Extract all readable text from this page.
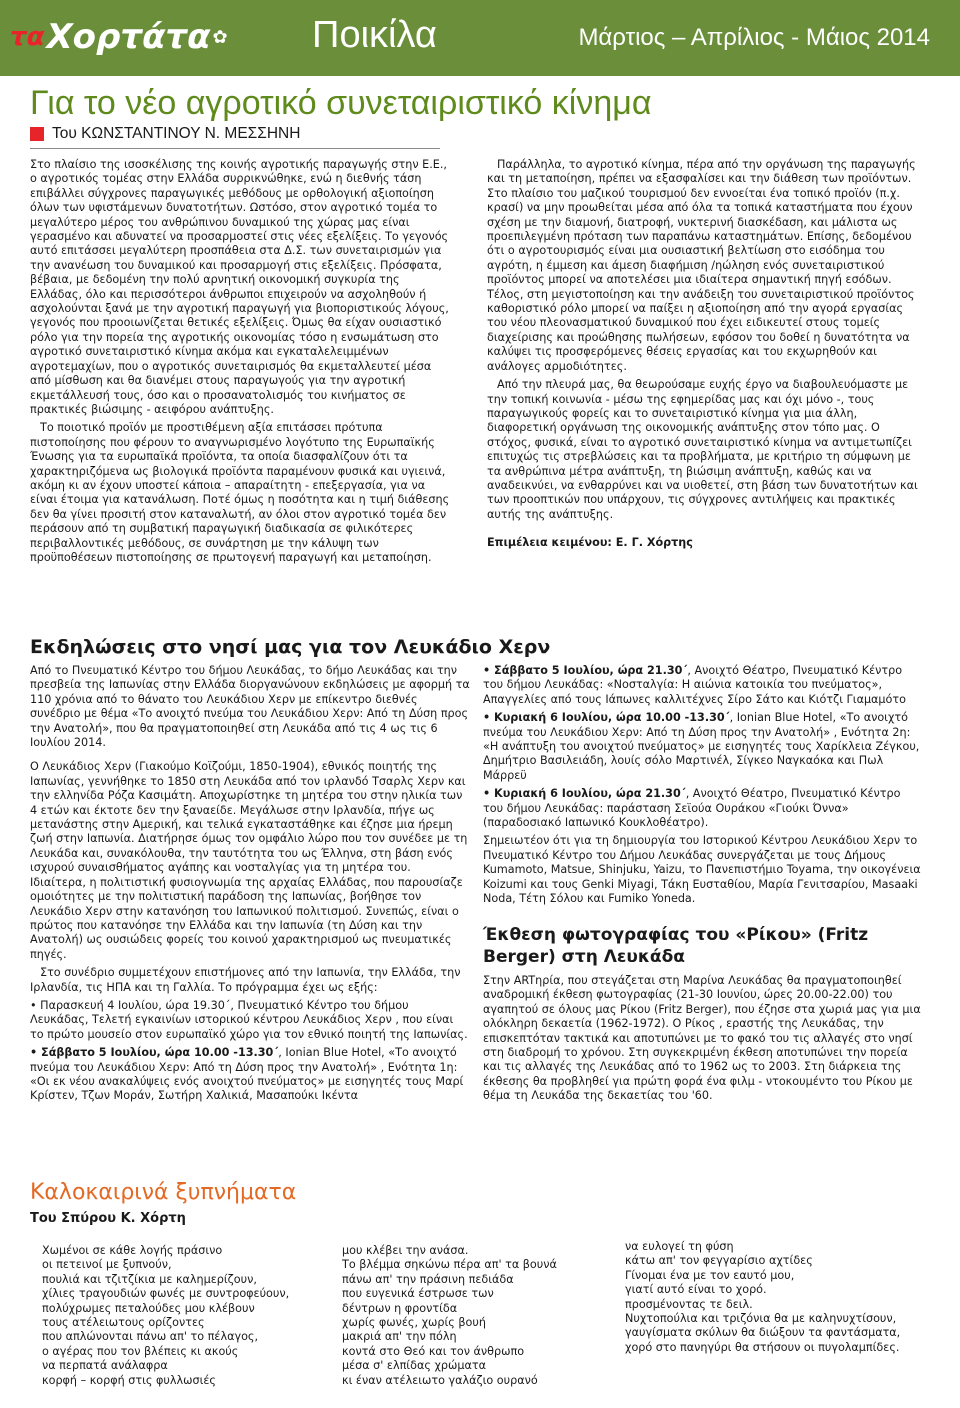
τα Χορτάτα ✿ Ποικίλα	Μάρτιος – Απρίλιος - Μάιος 2014
Για το νέο αγροτικό συνεταιριστικό κίνημα
Του ΚΩΝΣΤΑΝΤΙΝΟΥ Ν. ΜΕΣΣΗΝΗ

Στο πλαίσιο της ισοσκέλισης της κοινής αγροτικής παραγωγής στην Ε.Ε., ο αγροτικός τομέας στην Ελλάδα συρρικνώθηκε, ενώ η διεθνής τάση επιβάλλει σύγχρονες παραγωγικές μεθόδους με ορθολογική αξιοποίηση όλων των υφιστάμενων δυνατοτήτων. Ωστόσο, στον αγροτικό τομέα το μεγαλύτερο μέρος του ανθρώπινου δυναμικού της χώρας μας είναι γερασμένο και αδυνατεί να προσαρμοστεί στις νέες εξελίξεις. Το γεγονός αυτό επιτάσσει μεγαλύτερη προσπάθεια στα Δ.Σ. των συνεταιρισμών για την ανανέωση του δυναμικού και προσαρμογή στις εξελίξεις. Πρόσφατα, βέβαια, με δεδομένη την πολύ αρνητική οικονομική συγκυρία της Ελλάδας, όλο και περισσότεροι άνθρωποι επιχειρούν να ασχοληθούν ή ασχολούνται ξανά με την αγροτική παραγωγή για βιοποριστικούς λόγους, γεγονός που προοιωνίζεται θετικές εξελίξεις. Όμως θα είχαν ουσιαστικό ρόλο για την πορεία της αγροτικής οικονομίας τόσο η ενσωμάτωση στο αγροτικό συνεταιριστικό κίνημα ακόμα και εγκαταλελειμμένων αγροτεμαχίων, που ο αγροτικός συνεταιρισμός θα εκμεταλλευτεί μέσα από μίσθωση και θα διανέμει στους παραγωγούς για την αγροτική εκμετάλλευσή τους, όσο και ο προσανατολισμός του κινήματος σε πρακτικές βιώσιμης - αειφόρου ανάπτυξης.

Το ποιοτικό προϊόν με προστιθέμενη αξία επιτάσσει πρότυπα πιστοποίησης που φέρουν το αναγνωρισμένο λογότυπο της Ευρωπαϊκής Ένωσης για τα ευρωπαϊκά προϊόντα, τα οποία διασφαλίζουν ότι τα χαρακτηριζόμενα ως βιολογικά προϊόντα παραμένουν φυσικά και υγιεινά, ακόμη κι αν έχουν υποστεί κάποια – απαραίτητη - επεξεργασία, για να είναι έτοιμα για κατανάλωση. Ποτέ όμως η ποσότητα και η τιμή διάθεσης δεν θα γίνει προσιτή στον καταναλωτή, αν όλοι στον αγροτικό τομέα δεν περάσουν από τη συμβατική παραγωγική διαδικασία σε φιλικότερες περιβαλλοντικές μεθόδους, σε συνάρτηση με την κάλυψη των προϋποθέσεων πιστοποίησης σε πρωτογενή παραγωγή και μεταποίηση.

Παράλληλα, το αγροτικό κίνημα, πέρα από την οργάνωση της παραγωγής και τη μεταποίηση, πρέπει να εξασφαλίσει και την διάθεση των προϊόντων. Στο πλαίσιο του μαζικού τουρισμού δεν εννοείται ένα τοπικό προϊόν (π.χ. κρασί) να μην προωθείται μέσα από όλα τα τοπικά καταστήματα που έχουν σχέση με την διαμονή, διατροφή, νυκτερινή διασκέδαση, και μάλιστα ως προεπιλεγμένη πρόταση των παραπάνω καταστημάτων. Επίσης, δεδομένου ότι ο αγροτουρισμός είναι μια ουσιαστική βελτίωση στο εισόδημα του αγρότη, η έμμεση και άμεση διαφήμιση /ηώληση ενός συνεταιριστικού προϊόντος μπορεί να αποτελέσει μια ιδιαίτερα σημαντική πηγή εσόδων. Τέλος, στη μεγιστοποίηση και την ανάδειξη του συνεταιριστικού προϊόντος καθοριστικό ρόλο μπορεί να παίξει η αξιοποίηση από την αγορά εργασίας του νέου πλεονασματικού δυναμικού που έχει ειδικευτεί στους τομείς διαχείρισης και προώθησης πωλήσεων, εφόσον του δοθεί η δυνατότητα να καλύψει τις προσφερόμενες θέσεις εργασίας και του εκχωρηθούν και ανάλογες αρμοδιότητες.

Από την πλευρά μας, θα θεωρούσαμε ευχής έργο να διαβουλευόμαστε με την τοπική κοινωνία - μέσω της εφημερίδας μας και όχι μόνο -, τους παραγωγικούς φορείς και το συνεταιριστικό κίνημα για μια άλλη, διαφορετική οργάνωση της οικονομικής ανάπτυξης στον τόπο μας. Ο στόχος, φυσικά, είναι το αγροτικό συνεταιριστικό κίνημα να αντιμετωπίζει επιτυχώς τις στρεβλώσεις και τα προβλήματα, με κριτήριο τη σύμφωνη με τα ανθρώπινα μέτρα ανάπτυξη, τη βιώσιμη ανάπτυξη, καθώς και να αναδεικνύει, να ενθαρρύνει και να υιοθετεί, στη βάση των δυνατοτήτων και των προοπτικών που υπάρχουν, τις σύγχρονες αντιλήψεις και πρακτικές αυτής της ανάπτυξης.

Επιμέλεια κειμένου: Ε. Γ. Χόρτης

Εκδηλώσεις στο νησί μας για τον Λευκάδιο Χερν

Από το Πνευματικό Κέντρο του δήμου Λευκάδας, το δήμο Λευκάδας και την πρεσβεία της Ιαπωνίας στην Ελλάδα διοργανώνουν εκδηλώσεις με αφορμή τα 110 χρόνια από το θάνατο του Λευκάδιου Χερν με επίκεντρο διεθνές συνέδριο με θέμα «Το ανοιχτό πνεύμα του Λευκάδιου Χερν: Από τη Δύση προς την Ανατολή», που θα πραγματοποιηθεί στη Λευκάδα από τις 4 ως τις 6 Ιουλίου 2014.

Ο Λευκάδιος Χερν (Γιακούμο Κοϊζούμι, 1850-1904), εθνικός ποιητής της Ιαπωνίας, γεννήθηκε το 1850 στη Λευκάδα από τον ιρλανδό Τσαρλς Χερν και την ελληνίδα Ρόζα Κασιμάτη. Αποχωρίστηκε τη μητέρα του στην ηλικία των 4 ετών και έκτοτε δεν την ξαναείδε. Μεγάλωσε στην Ιρλανδία, πήγε ως μετανάστης στην Αμερική, και τελικά εγκαταστάθηκε και έζησε μια ήρεμη ζωή στην Ιαπωνία. Διατήρησε όμως τον ομφάλιο λώρο που τον συνέδεε με τη Λευκάδα και, συνακόλουθα, την ταυτότητα του ως Έλληνα, στη βάση ενός ισχυρού συναισθήματος αγάπης και νοσταλγίας για τη μητέρα του. Ιδιαίτερα, η πολιτιστική φυσιογνωμία της αρχαίας Ελλάδας, που παρουσίαζε ομοιότητες με την πολιτιστική παράδοση της Ιαπωνίας, βοήθησε τον Λευκάδιο Χερν στην κατανόηση του Ιαπωνικού πολιτισμού. Συνεπώς, είναι ο πρώτος που κατανόησε την Ελλάδα και την Ιαπωνία (τη Δύση και την Ανατολή) ως ουσιώδεις φορείς του κοινού χαρακτηρισμού ως πνευματικές πηγές.

Στο συνέδριο συμμετέχουν επιστήμονες από την Ιαπωνία, την Ελλάδα, την Ιρλανδία, τις ΗΠΑ και τη Γαλλία. Το πρόγραμμα έχει ως εξής:

• Παρασκευή 4 Ιουλίου, ώρα 19.30΄, Πνευματικό Κέντρο του δήμου Λευκάδας, Τελετή εγκαινίων ιστορικού κέντρου Λευκάδιος Χερν , που είναι το πρώτο μουσείο στον ευρωπαϊκό χώρο για τον εθνικό ποιητή της Ιαπωνίας.

• Σάββατο 5 Ιουλίου, ώρα 10.00 -13.30΄, Ionian Blue Hotel, «Το ανοιχτό πνεύμα του Λευκάδιου Χερν: Από τη Δύση προς την Ανατολή» , Ενότητα 1η: «Οι εκ νέου ανακαλύψεις ενός ανοιχτού πνεύματος» με εισηγητές τους Μαρί Κρίστεν, Τζων Μοράν, Σωτήρη Χαλικιά, Μασαπούκι Ικέντα

• Σάββατο 5 Ιουλίου, ώρα 21.30΄, Ανοιχτό Θέατρο, Πνευματικό Κέντρο του δήμου Λευκάδας: «Νοσταλγία: Η αιώνια κατοικία του πνεύματος», Απαγγελίες από τους Ιάπωνες καλλιτέχνες Σίρο Σάτο και Κιότζι Γιαμαμότο

• Κυριακή 6 Ιουλίου, ώρα 10.00 -13.30΄, Ionian Blue Hotel, «Το ανοιχτό πνεύμα του Λευκάδιου Χερν: Από τη Δύση προς την Ανατολή» , Ενότητα 2η: «Η ανάπτυξη του ανοιχτού πνεύματος» με εισηγητές τους Χαρίκλεια Ζέγκου, Δημήτριο Βασιλειάδη, λουίς σόλο Μαρτινέλ, Σίγκεο Ναγκαόκα και Πωλ Μάρρεϋ

• Κυριακή 6 Ιουλίου, ώρα 21.30΄, Ανοιχτό Θέατρο, Πνευματικό Κέντρο του δήμου Λευκάδας: παράσταση Σεϊούα Ουράκου «Γιούκι Όννα» (παραδοσιακό Ιαπωνικό Κουκλοθέατρο).

Σημειωτέον ότι για τη δημιουργία του Ιστορικού Κέντρου Λευκάδιου Χερν το Πνευματικό Κέντρο του Δήμου Λευκάδας συνεργάζεται με τους Δήμους Kumamoto, Matsue, Shinjuku, Yaizu, το Πανεπιστήμιο Toyama, την οικογένεια Koizumi και τους Genki Miyagi, Τάκη Ευσταθίου, Μαρία Γενιτσαρίου, Masaaki Noda, Τέτη Σόλου και Fumiko Yoneda.

Έκθεση φωτογραφίας του «Ρίκου» (Fritz Berger) στη Λευκάδα

Στην ARTηρία, που στεγάζεται στη Μαρίνα Λευκάδας θα πραγματοποιηθεί αναδρομική έκθεση φωτογραφίας (21-30 Ιουνίου, ώρες 20.00-22.00) του αγαπητού σε όλους μας Ρίκου (Fritz Berger), που έζησε στα χωριά μας για μια ολόκληρη δεκαετία (1962-1972). Ο Ρίκος , εραστής της Λευκάδας, την επισκεπτόταν τακτικά και αποτυπώνει με το φακό του τις αλλαγές στο νησί στη διαδρομή το χρόνου. Στη συγκεκριμένη έκθεση αποτυπώνει την πορεία και τις αλλαγές της Λευκάδας από το 1962 ως το 2003. Στη διάρκεια της έκθεσης θα προβληθεί για πρώτη φορά ένα φιλμ - ντοκουμέντο του Ρίκου με θέμα τη Λευκάδα της δεκαετίας του '60.

Καλοκαιρινά ξυπνήματα
Του Σπύρου Κ. Χόρτη
Χωμένοι σε κάθε λογής πράσινο
οι πετεινοί με ξυπνούν,
πουλιά και τζιτζίκια με καλημερίζουν,
χίλιες τραγουδιών φωνές με συντροφεύουν,
πολύχρωμες πεταλούδες μου κλέβουν
τους ατέλειωτους ορίζοντες
που απλώνονται πάνω απ' το πέλαγος,
ο αγέρας που τον βλέπεις κι ακούς
να περπατά ανάλαφρα
κορφή – κορφή στις φυλλωσιές
μου κλέβει την ανάσα.
Το βλέμμα σηκώνω πέρα απ' τα βουνά
πάνω απ' την πράσινη πεδιάδα
που ευγενικά έστρωσε των
δέντρων η φροντίδα
χωρίς φωνές, χωρίς βουή
μακριά απ' την πόλη
κοντά στο Θεό και τον άνθρωπο
μέσα σ' ελπίδας χρώματα
κι έναν ατέλειωτο γαλάζιο ουρανό
να ευλογεί τη φύση
κάτω απ' τον φεγγαρίσιο αχτίδες
Γίνομαι ένα με τον εαυτό μου,
γιατί αυτό είναι το χορό.
προσμένοντας τε δειλ.
Νυχτοπούλια και τριζόνια θα με καληνυχτίσουν,
γαυγίσματα σκύλων θα διώξουν τα φαντάσματα,
χορό στο πανηγύρι θα στήσουν οι πυγολαμπίδες.
